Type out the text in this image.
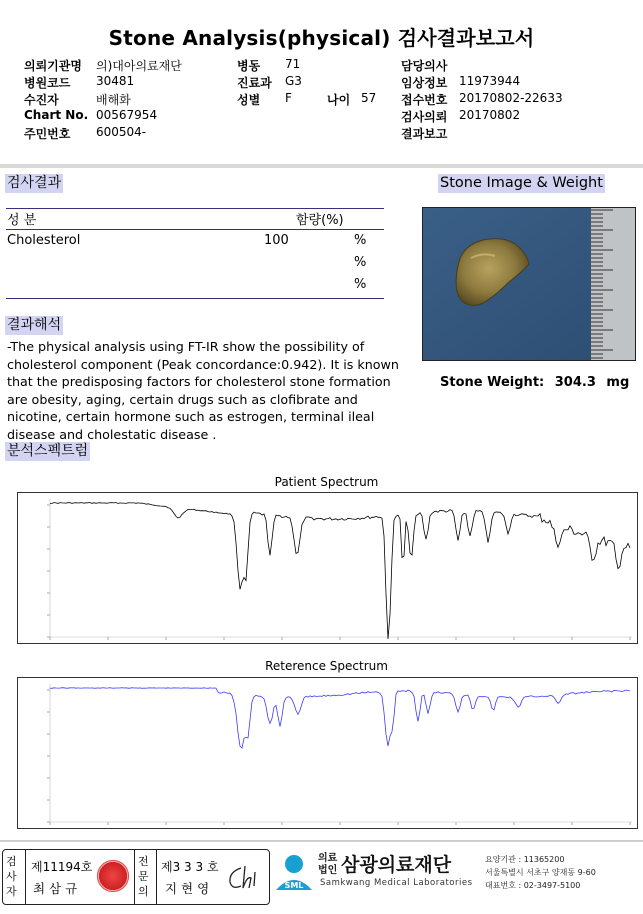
Stone Analysis(physical) 검사결과보고서
의뢰기관명	의)대아의료재단
병원코드	30481
수진자	배해화
Chart No. 00567954
주민번호	600504-
병동	71
진료과	G3
성별	F	나이 57
담당의사
임상정보 11973944
접수번호 20170802-22633
검사의뢰 20170802
결과보고
검사결과
성 분	함량(%)
Cholesterol	100	%
%
%
Stone Image & Weight
Stone Weight: 304.3 mg
결과해석
-The physical analysis using FT-IR show the possibility of cholesterol component (Peak concordance:0.942). It is known that the predisposing factors for cholesterol stone formation are obesity, aging, certain drugs such as clofibrate and nicotine, certain hormone such as estrogen, terminal ileal disease and cholestatic disease .
분석스펙트럼
Patient Spectrum
Reterence Spectrum
검사자
제11194호
최 삼 규
전문의
제3 3 3 호
지 현 영	SML
의료
법인 삼광의료재단
Samkwang Medical Laboratories
요양기관 : 11365200
서울특별시 서초구 양재동 9-60
대표번호 : 02-3497-5100
